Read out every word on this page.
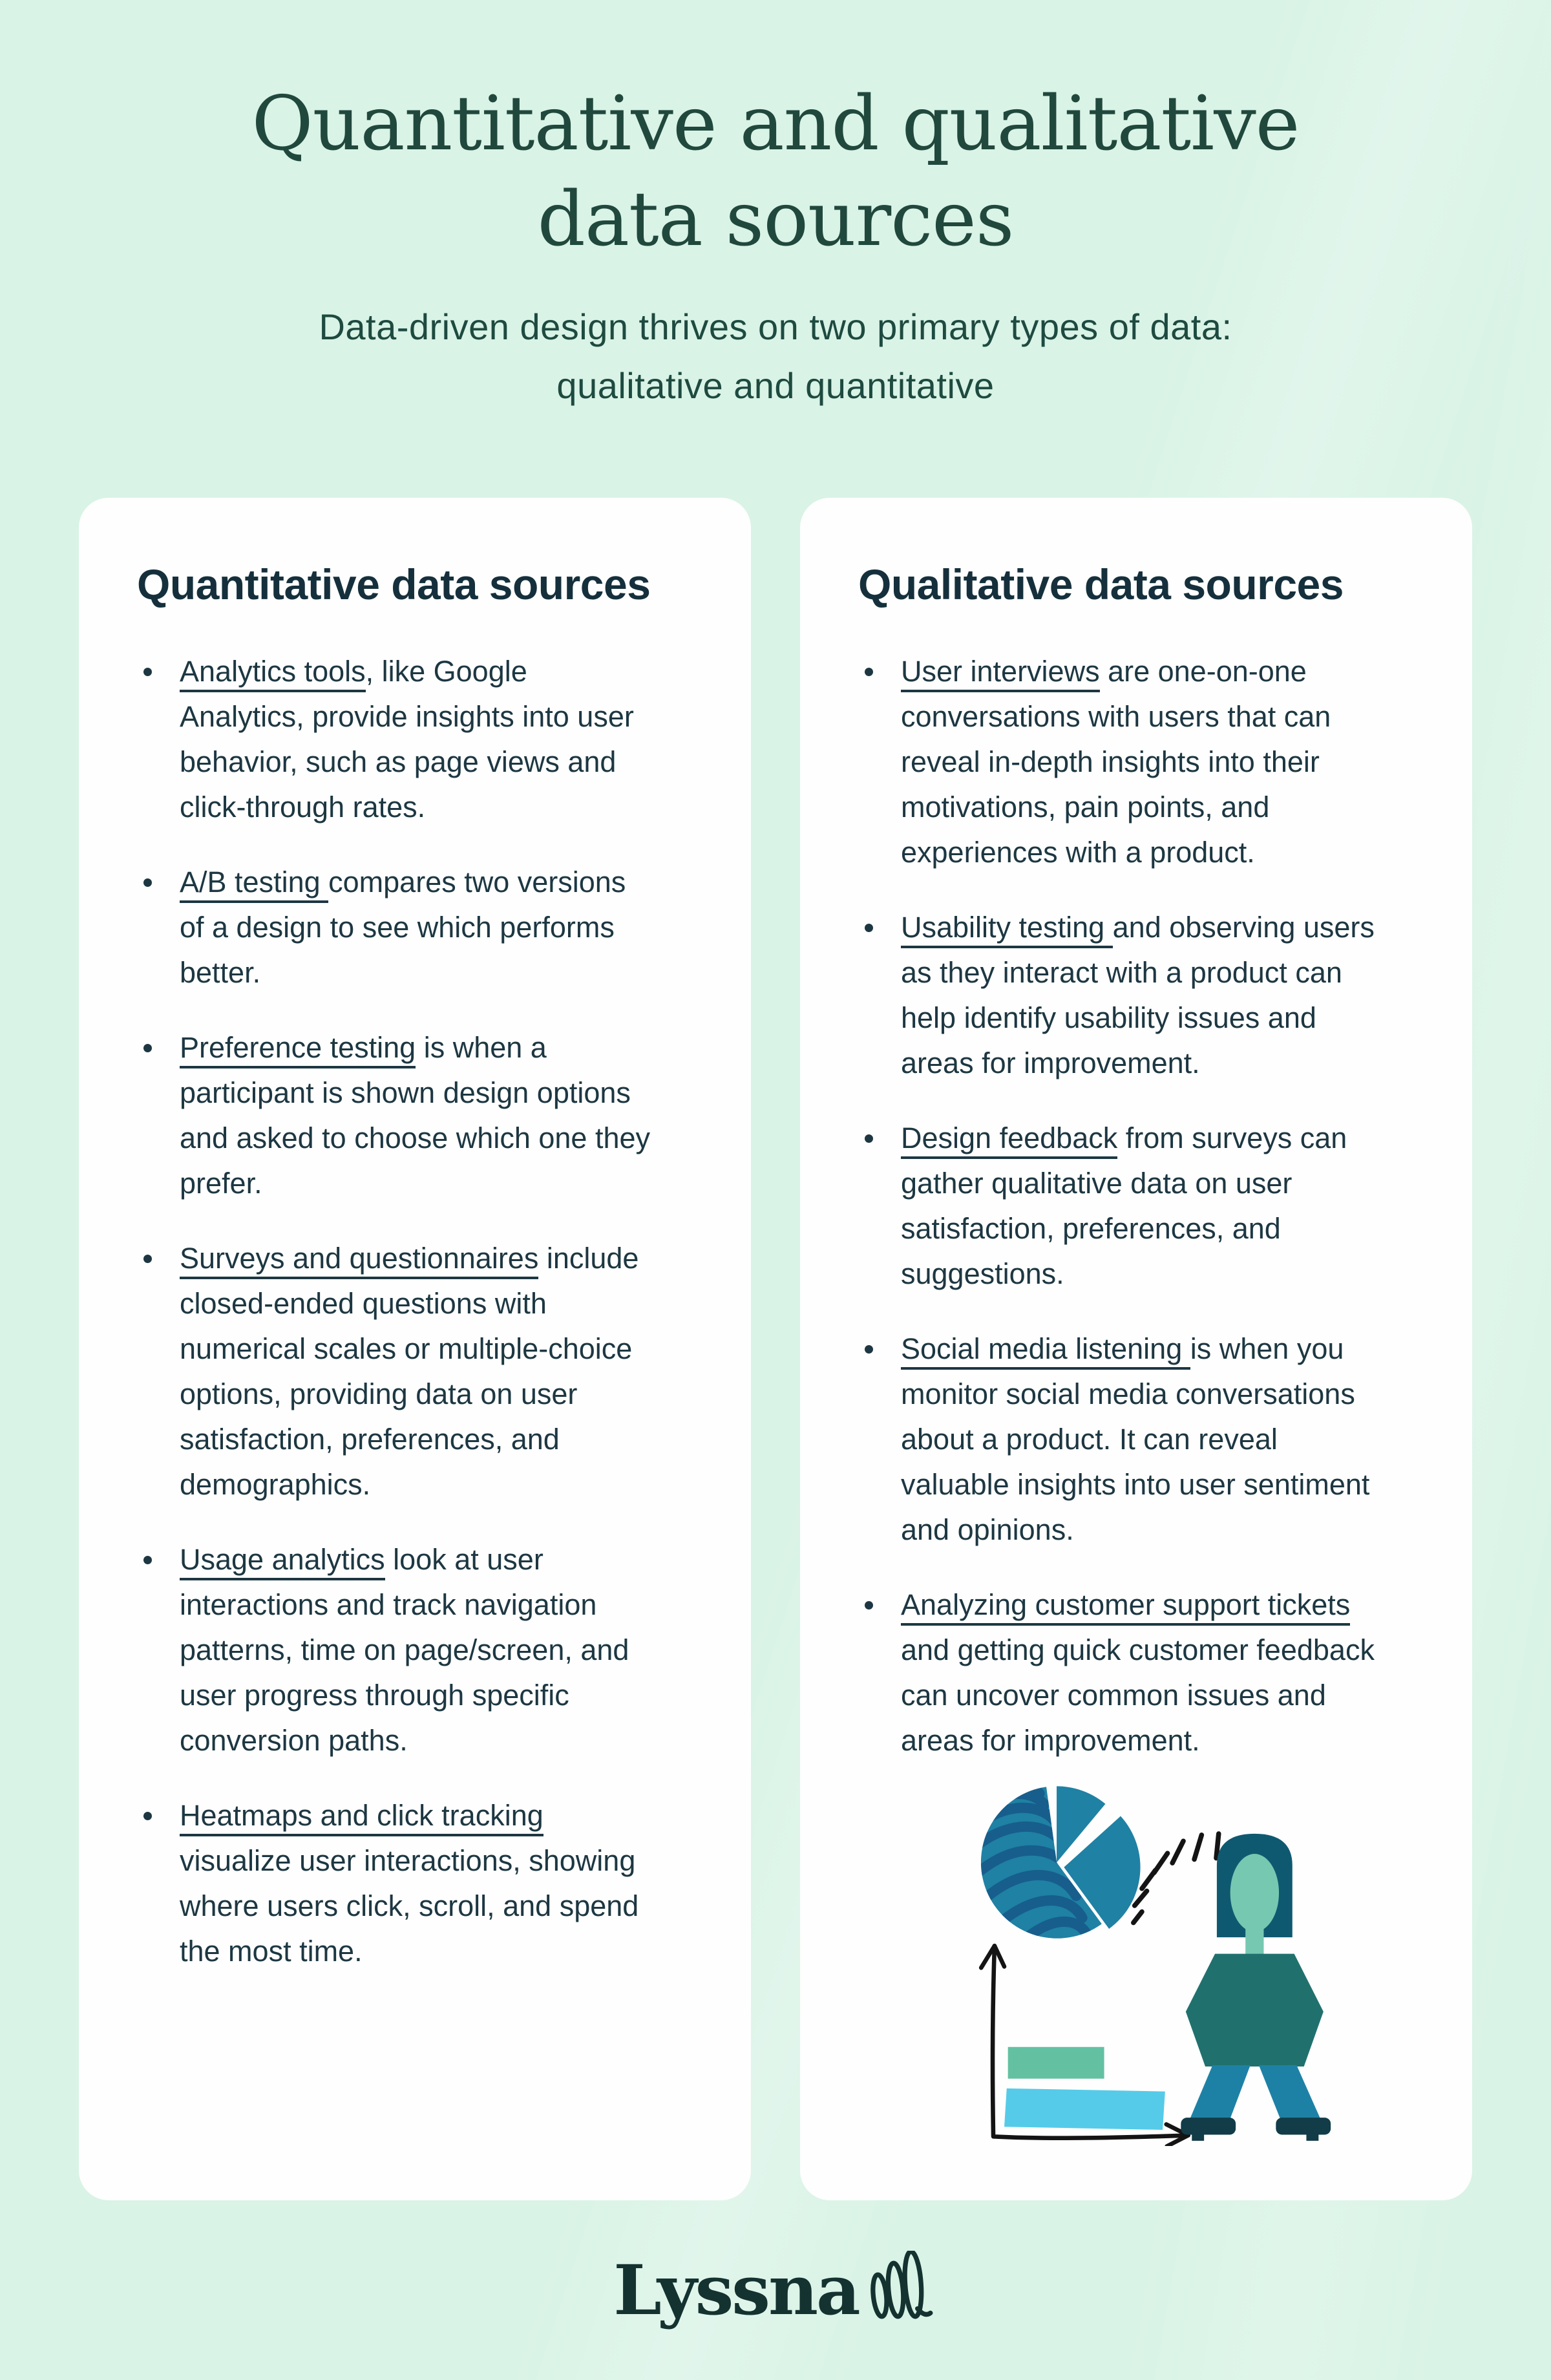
Quantitative and qualitative
data sources
Data-driven design thrives on two primary types of data:
qualitative and quantitative
Quantitative data sources
Analytics tools, like Google Analytics, provide insights into user behavior, such as page views and click-through rates.
A/B testing compares two versions of a design to see which performs better.
Preference testing is when a participant is shown design options and asked to choose which one they prefer.
Surveys and questionnaires include closed-ended questions with numerical scales or multiple-choice options, providing data on user satisfaction, preferences, and demographics.
Usage analytics look at user interactions and track navigation patterns, time on page/screen, and user progress through specific conversion paths.
Heatmaps and click tracking visualize user interactions, showing where users click, scroll, and spend the most time.
Qualitative data sources
User interviews are one-on-one conversations with users that can reveal in-depth insights into their motivations, pain points, and experiences with a product.
Usability testing and observing users as they interact with a product can help identify usability issues and areas for improvement.
Design feedback from surveys can gather qualitative data on user satisfaction, preferences, and suggestions.
Social media listening is when you monitor social media conversations about a product. It can reveal valuable insights into user sentiment and opinions.
Analyzing customer support tickets and getting quick customer feedback can uncover common issues and areas for improvement.
Lyssna
